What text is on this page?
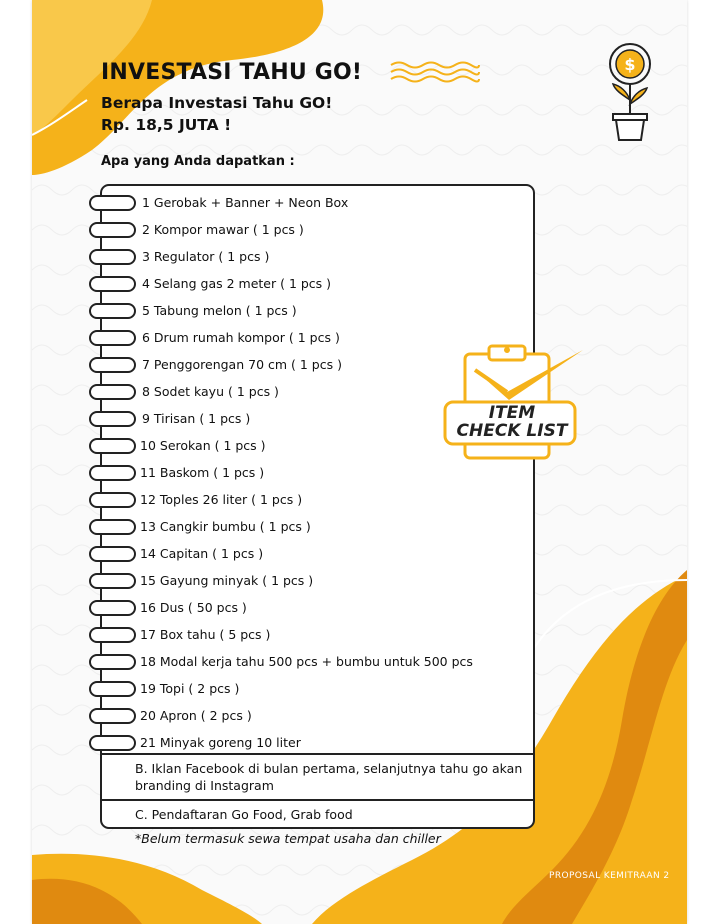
$
INVESTASI TAHU GO!
Berapa Investasi Tahu GO!
Rp. 18,5 JUTA !
Apa yang Anda dapatkan :
1 Gerobak + Banner + Neon Box
2 Kompor mawar ( 1 pcs )
3 Regulator ( 1 pcs )
4 Selang gas 2 meter ( 1 pcs )
5 Tabung melon ( 1 pcs )
6 Drum rumah kompor ( 1 pcs )
7 Penggorengan 70 cm ( 1 pcs )
8 Sodet kayu ( 1 pcs )
9 Tirisan ( 1 pcs )
10 Serokan ( 1 pcs )
11 Baskom ( 1 pcs )
12 Toples 26 liter ( 1 pcs )
13 Cangkir bumbu ( 1 pcs )
14 Capitan ( 1 pcs )
15 Gayung minyak ( 1 pcs )
16 Dus ( 50 pcs )
17 Box tahu ( 5 pcs )
18 Modal kerja tahu 500 pcs + bumbu untuk 500 pcs
19 Topi ( 2 pcs )
20 Apron ( 2 pcs )
21 Minyak goreng 10 liter
B. Iklan Facebook di bulan pertama, selanjutnya tahu go akan branding di Instagram
C. Pendaftaran Go Food, Grab food
*Belum termasuk sewa tempat usaha dan chiller
ITEM
CHECK LIST
PROPOSAL KEMITRAAN 2
